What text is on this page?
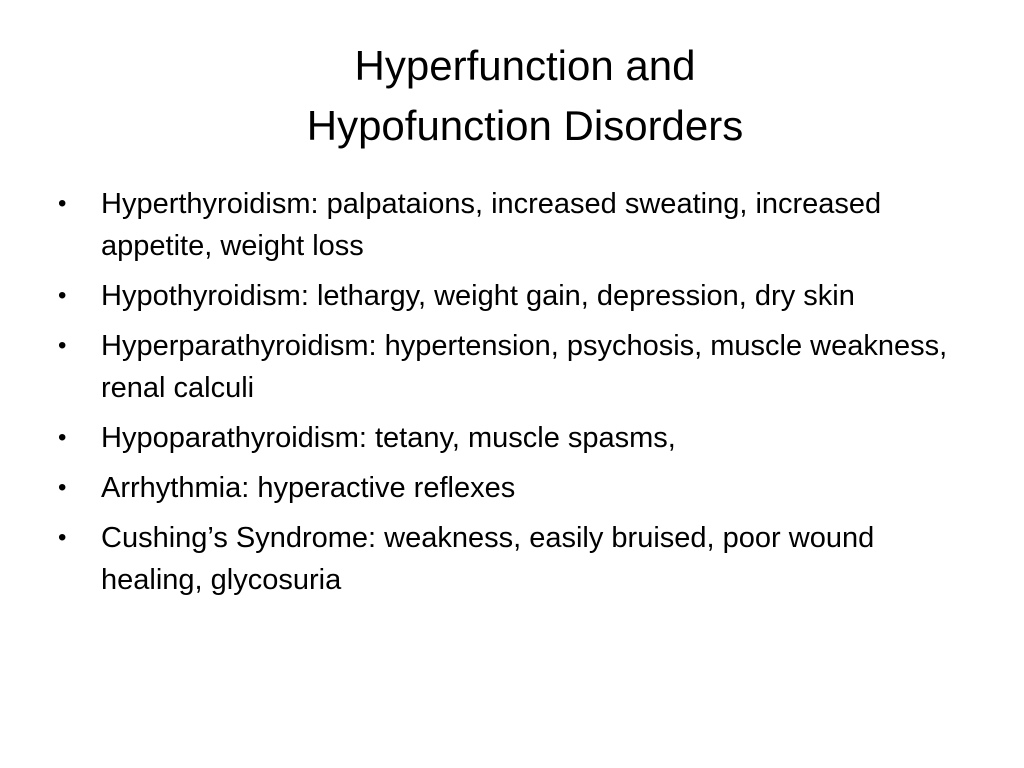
Hyperfunction and
Hypofunction Disorders
•	Hyperthyroidism: palpataions, increased sweating, increased appetite, weight loss
•	Hypothyroidism: lethargy, weight gain, depression, dry skin
•	Hyperparathyroidism: hypertension, psychosis, muscle weakness, renal calculi
•	Hypoparathyroidism: tetany, muscle spasms,
•	Arrhythmia: hyperactive reflexes
•	Cushing’s Syndrome: weakness, easily bruised, poor wound healing, glycosuria
